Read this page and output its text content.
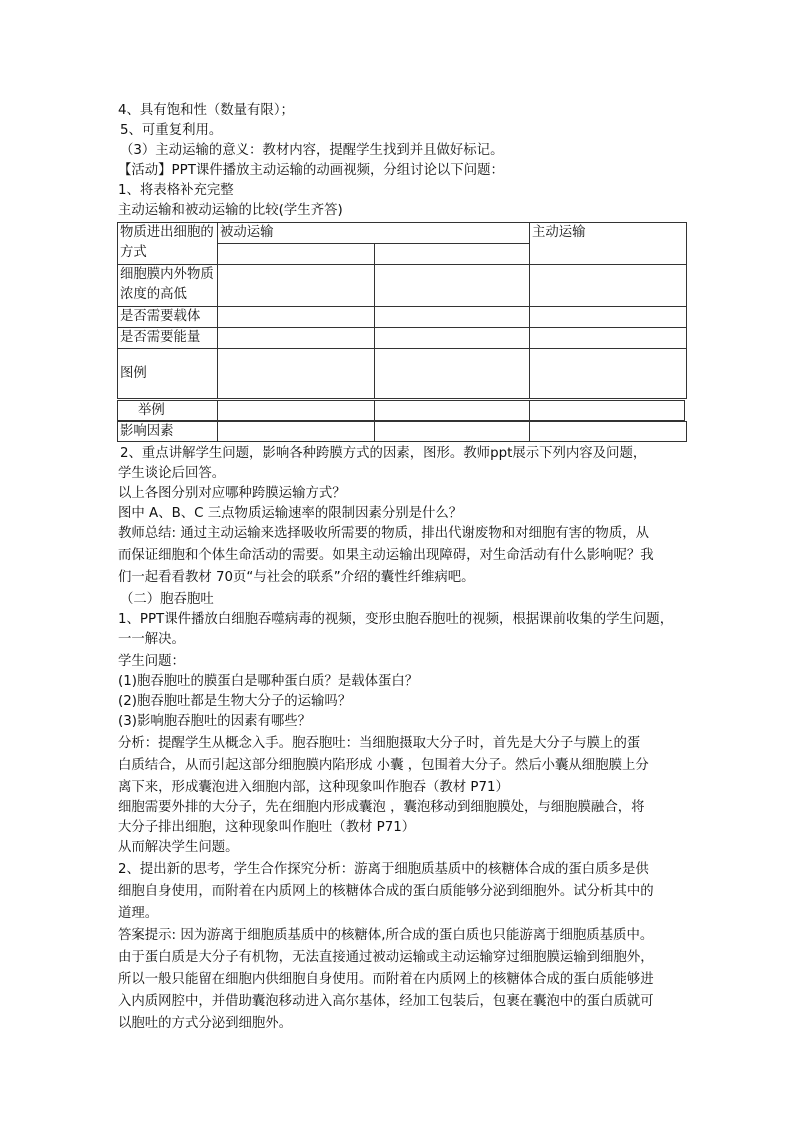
4、具有饱和性（数量有限）；
5、可重复利用。
（3）主动运输的意义：教材内容，提醒学生找到并且做好标记。
【活动】PPT课件播放主动运输的动画视频，分组讨论以下问题：
1、将表格补充完整
主动运输和被动运输的比较(学生齐答)
物质进出细胞的方式	被动运输		主动运输

细胞膜内外物质浓度的高低			
是否需要载体			
是否需要能量			
图例			
举例			
影响因素			
2、重点讲解学生问题，影响各种跨膜方式的因素，图形。教师ppt展示下列内容及问题，
学生谈论后回答。
以上各图分别对应哪种跨膜运输方式？
图中 A、B、C 三点物质运输速率的限制因素分别是什么？
教师总结: 通过主动运输来选择吸收所需要的物质，排出代谢废物和对细胞有害的物质，从
而保证细胞和个体生命活动的需要。如果主动运输出现障碍，对生命活动有什么影响呢？我
们一起看看教材 70页“与社会的联系”介绍的囊性纤维病吧。
（二）胞吞胞吐
1、PPT课件播放白细胞吞噬病毒的视频，变形虫胞吞胞吐的视频，根据课前收集的学生问题，
一一解决。
学生问题：
(1)胞吞胞吐的膜蛋白是哪种蛋白质？是载体蛋白？
(2)胞吞胞吐都是生物大分子的运输吗？
(3)影响胞吞胞吐的因素有哪些？
分析：提醒学生从概念入手。胞吞胞吐：当细胞摄取大分子时，首先是大分子与膜上的蛋
白质结合，从而引起这部分细胞膜内陷形成 小囊 ，包围着大分子。然后小囊从细胞膜上分
离下来，形成囊泡进入细胞内部，这种现象叫作胞吞（教材 P71）
细胞需要外排的大分子，先在细胞内形成囊泡 ，囊泡移动到细胞膜处，与细胞膜融合，将
大分子排出细胞，这种现象叫作胞吐（教材 P71）
从而解决学生问题。
2、提出新的思考，学生合作探究分析：游离于细胞质基质中的核糖体合成的蛋白质多是供
细胞自身使用，而附着在内质网上的核糖体合成的蛋白质能够分泌到细胞外。试分析其中的
道理。
答案提示: 因为游离于细胞质基质中的核糖体,所合成的蛋白质也只能游离于细胞质基质中。
由于蛋白质是大分子有机物，无法直接通过被动运输或主动运输穿过细胞膜运输到细胞外，
所以一般只能留在细胞内供细胞自身使用。而附着在内质网上的核糖体合成的蛋白质能够进
入内质网腔中，并借助囊泡移动进入高尔基体，经加工包装后，包裹在囊泡中的蛋白质就可
以胞吐的方式分泌到细胞外。
